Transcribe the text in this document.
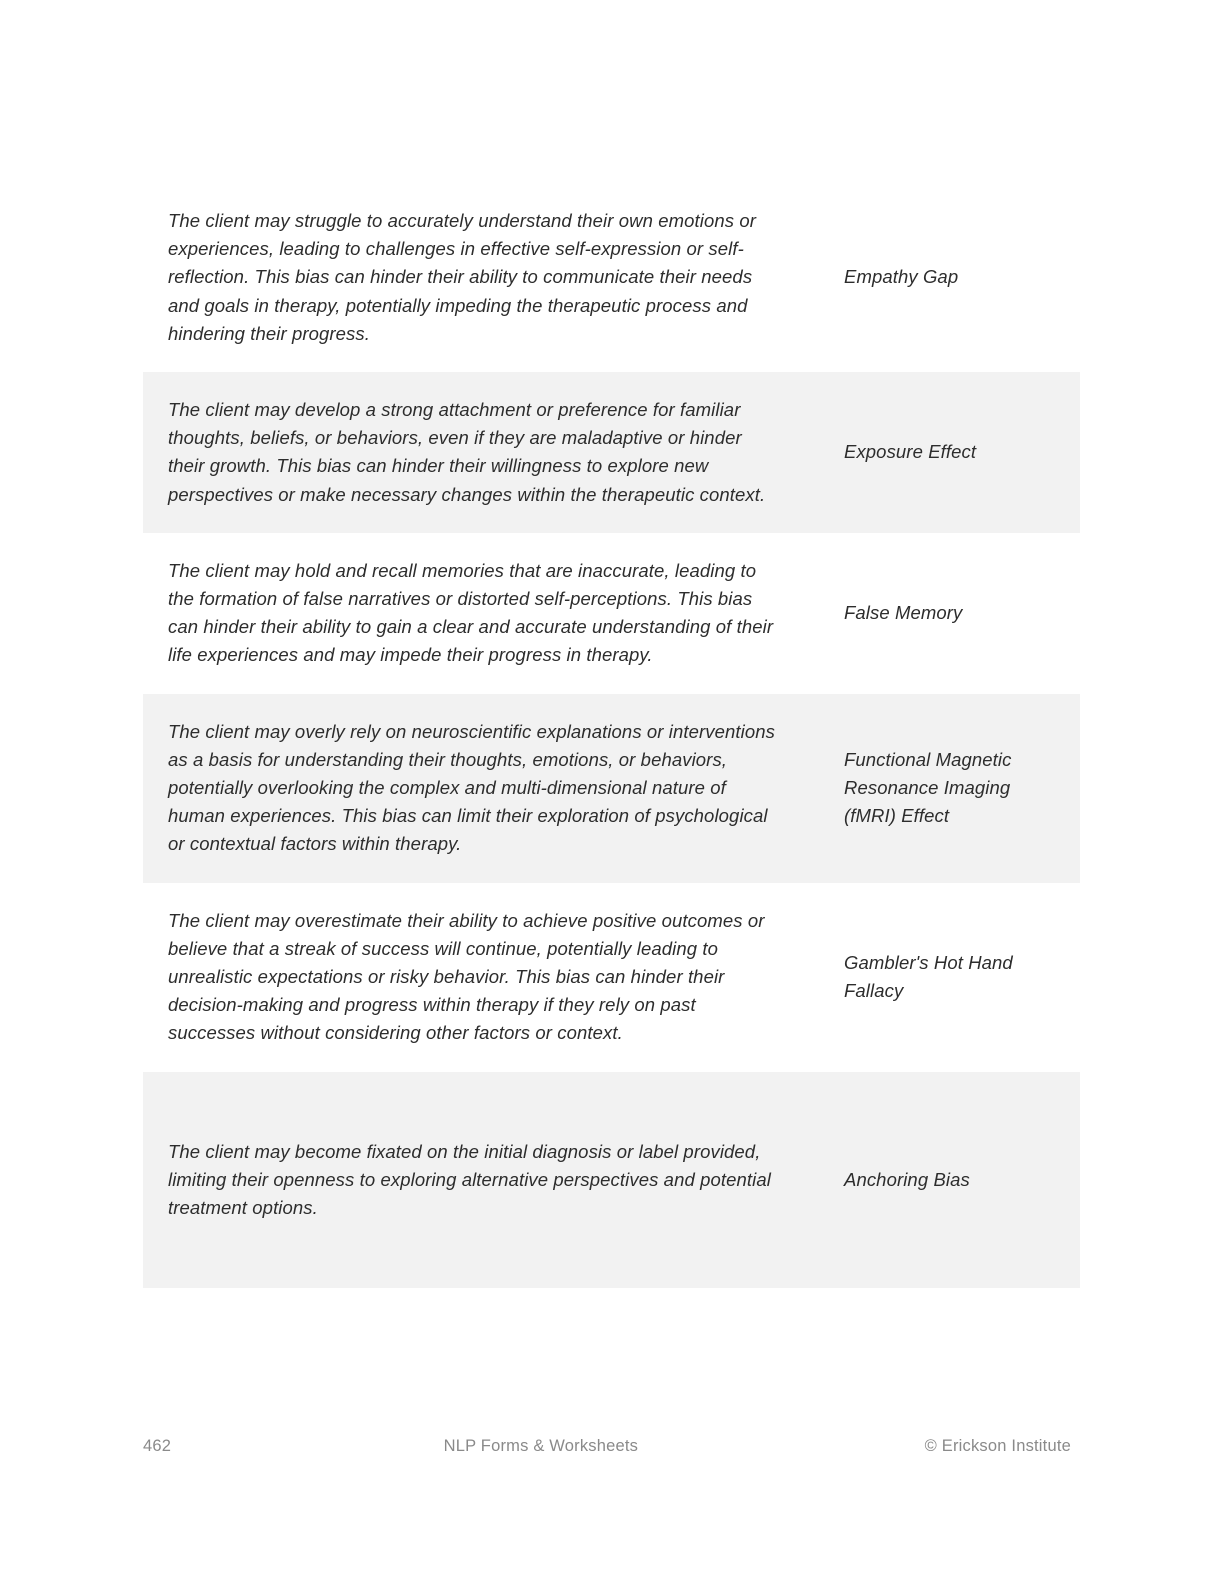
The client may struggle to accurately understand their own emotions or experiences, leading to challenges in effective self-expression or self-reflection. This bias can hinder their ability to communicate their needs and goals in therapy, potentially impeding the therapeutic process and hindering their progress.	Empathy Gap

The client may develop a strong attachment or preference for familiar thoughts, beliefs, or behaviors, even if they are maladaptive or hinder their growth. This bias can hinder their willingness to explore new perspectives or make necessary changes within the therapeutic context.	Exposure Effect

The client may hold and recall memories that are inaccurate, leading to the formation of false narratives or distorted self-perceptions. This bias can hinder their ability to gain a clear and accurate understanding of their life experiences and may impede their progress in therapy.	False Memory

The client may overly rely on neuroscientific explanations or interventions as a basis for understanding their thoughts, emotions, or behaviors, potentially overlooking the complex and multi-dimensional nature of human experiences. This bias can limit their exploration of psychological or contextual factors within therapy.	Functional Magnetic Resonance Imaging (fMRI) Effect

The client may overestimate their ability to achieve positive outcomes or believe that a streak of success will continue, potentially leading to unrealistic expectations or risky behavior. This bias can hinder their decision-making and progress within therapy if they rely on past successes without considering other factors or context.	Gambler's Hot Hand Fallacy

The client may become fixated on the initial diagnosis or label provided, limiting their openness to exploring alternative perspectives and potential treatment options.	Anchoring Bias
462	NLP Forms & Worksheets	© Erickson Institute
